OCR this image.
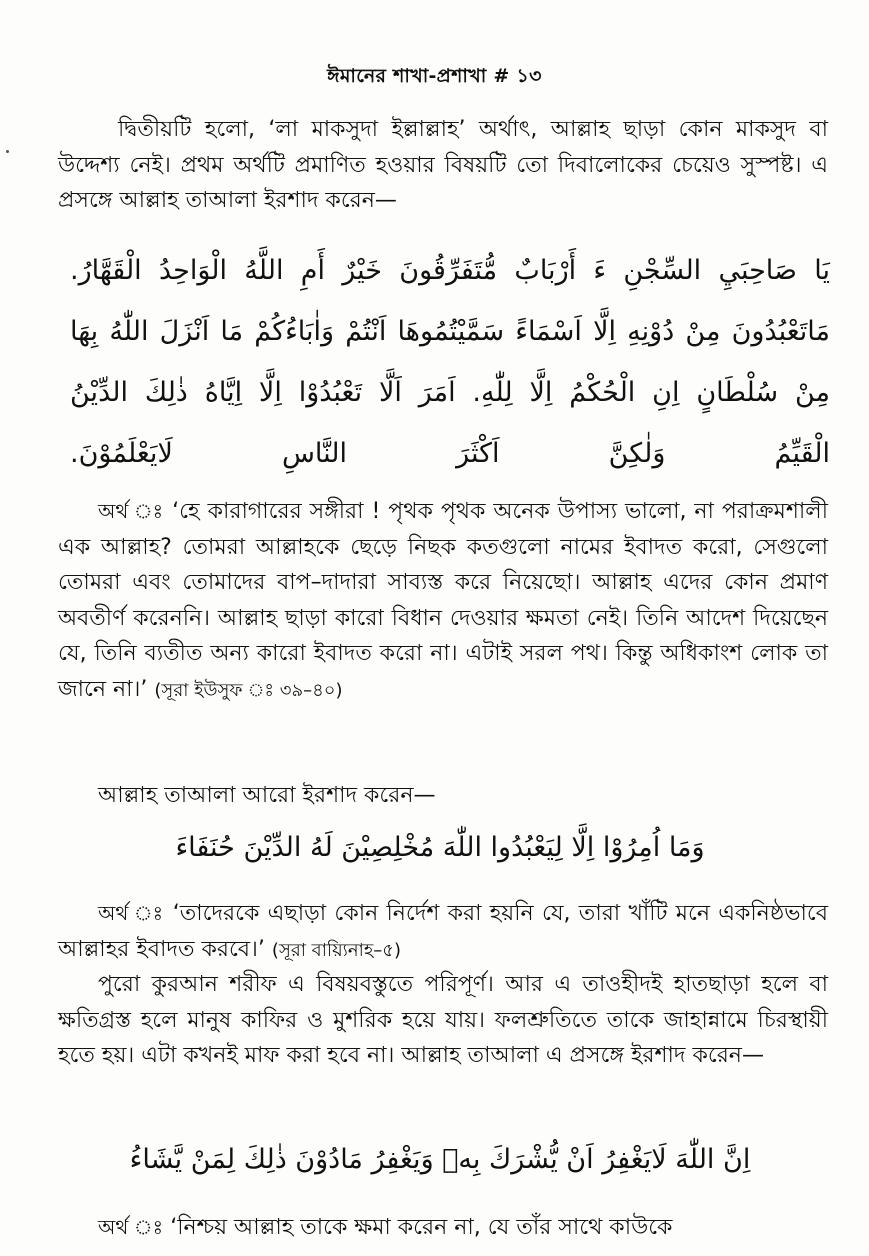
ঈমানের শাখা-প্রশাখা # ১৩

দ্বিতীয়টি হলো, ‘লা মাকসুদা ইল্লাল্লাহ’ অর্থাৎ, আল্লাহ ছাড়া কোন মাকসুদ বা উদ্দেশ্য নেই। প্রথম অর্থটি প্রমাণিত হওয়ার বিষয়টি তো দিবালোকের চেয়েও সুস্পষ্ট। এ প্রসঙ্গে আল্লাহ তাআলা ইরশাদ করেন—

يَا صَاحِبَيِ السِّجْنِ ءَ أَرْبَابٌ مُّتَفَرِّقُونَ خَيْرٌ أَمِ اللَّهُ الْوَاحِدُ الْقَهَّارُ.
مَاتَعْبُدُونَ مِنْ دُوْنِهِ اِلَّا اَسْمَاءً سَمَّيْتُمُوهَا اَنْتُمْ وَاٰبَاءُكُمْ مَا اَنْزَلَ اللّٰهُ بِهَا
مِنْ سُلْطَانٍ اِنِ الْحُكْمُ اِلَّا لِلّٰهِ. اَمَرَ اَلَّا تَعْبُدُوْا اِلَّا اِيَّاهُ ذٰلِكَ الدِّيْنُ
الْقَيِّمُ وَلٰكِنَّ اَكْثَرَ النَّاسِ لَايَعْلَمُوْنَ.

অর্থ ঃ ‘হে কারাগারের সঙ্গীরা ! পৃথক পৃথক অনেক উপাস্য ভালো, না পরাক্রমশালী এক আল্লাহ? তোমরা আল্লাহকে ছেড়ে নিছক কতগুলো নামের ইবাদত করো, সেগুলো তোমরা এবং তোমাদের বাপ–দাদারা সাব্যস্ত করে নিয়েছো। আল্লাহ এদের কোন প্রমাণ অবতীর্ণ করেননি। আল্লাহ ছাড়া কারো বিধান দেওয়ার ক্ষমতা নেই। তিনি আদেশ দিয়েছেন যে, তিনি ব্যতীত অন্য কারো ইবাদত করো না। এটাই সরল পথ। কিন্তু অধিকাংশ লোক তা জানে না।’ (সূরা ইউসুফ ঃ ৩৯–৪০)

আল্লাহ তাআলা আরো ইরশাদ করেন—

وَمَا اُمِرُوْا اِلَّا لِيَعْبُدُوا اللّٰهَ مُخْلِصِيْنَ لَهُ الدِّيْنَ حُنَفَاءَ

অর্থ ঃ ‘তাদেরকে এছাড়া কোন নির্দেশ করা হয়নি যে, তারা খাঁটি মনে একনিষ্ঠভাবে আল্লাহর ইবাদত করবে।’ (সূরা বায়্যিনাহ–৫)

পুরো কুরআন শরীফ এ বিষয়বস্তুতে পরিপূর্ণ। আর এ তাওহীদই হাতছাড়া হলে বা ক্ষতিগ্রস্ত হলে মানুষ কাফির ও মুশরিক হয়ে যায়। ফলশ্রুতিতে তাকে জাহান্নামে চিরস্থায়ী হতে হয়। এটা কখনই মাফ করা হবে না। আল্লাহ তাআলা এ প্রসঙ্গে ইরশাদ করেন—

اِنَّ اللّٰهَ لَايَغْفِرُ اَنْ يُّشْرَكَ بِهٖ وَيَغْفِرُ مَادُوْنَ ذٰلِكَ لِمَنْ يَّشَاءُ

অর্থ ঃ ‘নিশ্চয় আল্লাহ তাকে ক্ষমা করেন না, যে তাঁর সাথে কাউকে
